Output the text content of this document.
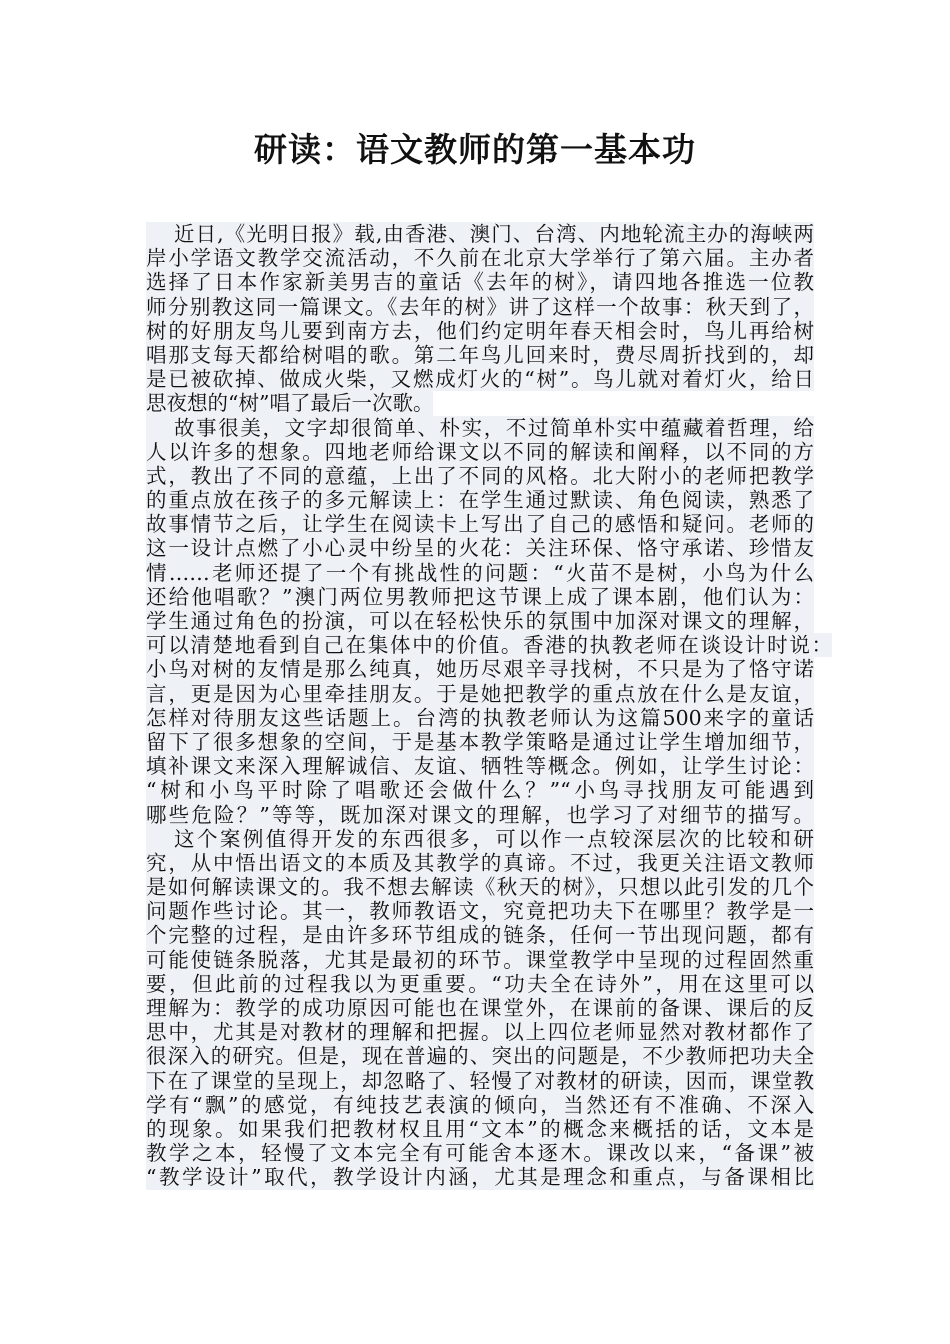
研读：语文教师的第一基本功
近日,《光明日报》载,由香港、澳门、台湾、内地轮流主办的海峡两
岸小学语文教学交流活动，不久前在北京大学举行了第六届。主办者
选择了日本作家新美男吉的童话《去年的树》，请四地各推选一位教
师分别教这同一篇课文。《去年的树》讲了这样一个故事：秋天到了，
树的好朋友鸟儿要到南方去，他们约定明年春天相会时，鸟儿再给树
唱那支每天都给树唱的歌。第二年鸟儿回来时，费尽周折找到的，却
是已被砍掉、做成火柴，又燃成灯火的“树”。鸟儿就对着灯火，给日
思夜想的“树”唱了最后一次歌。
故事很美，文字却很简单、朴实，不过简单朴实中蕴藏着哲理，给
人以许多的想象。四地老师给课文以不同的解读和阐释，以不同的方
式，教出了不同的意蕴，上出了不同的风格。北大附小的老师把教学
的重点放在孩子的多元解读上：在学生通过默读、角色阅读，熟悉了
故事情节之后，让学生在阅读卡上写出了自己的感悟和疑问。老师的
这一设计点燃了小心灵中纷呈的火花：关注环保、恪守承诺、珍惜友
情……老师还提了一个有挑战性的问题：“火苗不是树，小鸟为什么
还给他唱歌？”澳门两位男教师把这节课上成了课本剧，他们认为：
学生通过角色的扮演，可以在轻松快乐的氛围中加深对课文的理解，
可以清楚地看到自己在集体中的价值。香港的执教老师在谈设计时说：
小鸟对树的友情是那么纯真，她历尽艰辛寻找树，不只是为了恪守诺
言，更是因为心里牵挂朋友。于是她把教学的重点放在什么是友谊，
怎样对待朋友这些话题上。台湾的执教老师认为这篇500来字的童话
留下了很多想象的空间，于是基本教学策略是通过让学生增加细节，
填补课文来深入理解诚信、友谊、牺牲等概念。例如，让学生讨论：
“树和小鸟平时除了唱歌还会做什么？”“小鸟寻找朋友可能遇到
哪些危险？”等等，既加深对课文的理解，也学习了对细节的描写。
这个案例值得开发的东西很多，可以作一点较深层次的比较和研
究，从中悟出语文的本质及其教学的真谛。不过，我更关注语文教师
是如何解读课文的。我不想去解读《秋天的树》，只想以此引发的几个
问题作些讨论。其一，教师教语文，究竟把功夫下在哪里？教学是一
个完整的过程，是由许多环节组成的链条，任何一节出现问题，都有
可能使链条脱落，尤其是最初的环节。课堂教学中呈现的过程固然重
要，但此前的过程我以为更重要。“功夫全在诗外”，用在这里可以
理解为：教学的成功原因可能也在课堂外，在课前的备课、课后的反
思中，尤其是对教材的理解和把握。以上四位老师显然对教材都作了
很深入的研究。但是，现在普遍的、突出的问题是，不少教师把功夫全
下在了课堂的呈现上，却忽略了、轻慢了对教材的研读，因而，课堂教
学有“飘”的感觉，有纯技艺表演的倾向，当然还有不准确、不深入
的现象。如果我们把教材权且用“文本”的概念来概括的话，文本是
教学之本，轻慢了文本完全有可能舍本逐木。课改以来，“备课”被
“教学设计”取代，教学设计内涵，尤其是理念和重点，与备课相比
